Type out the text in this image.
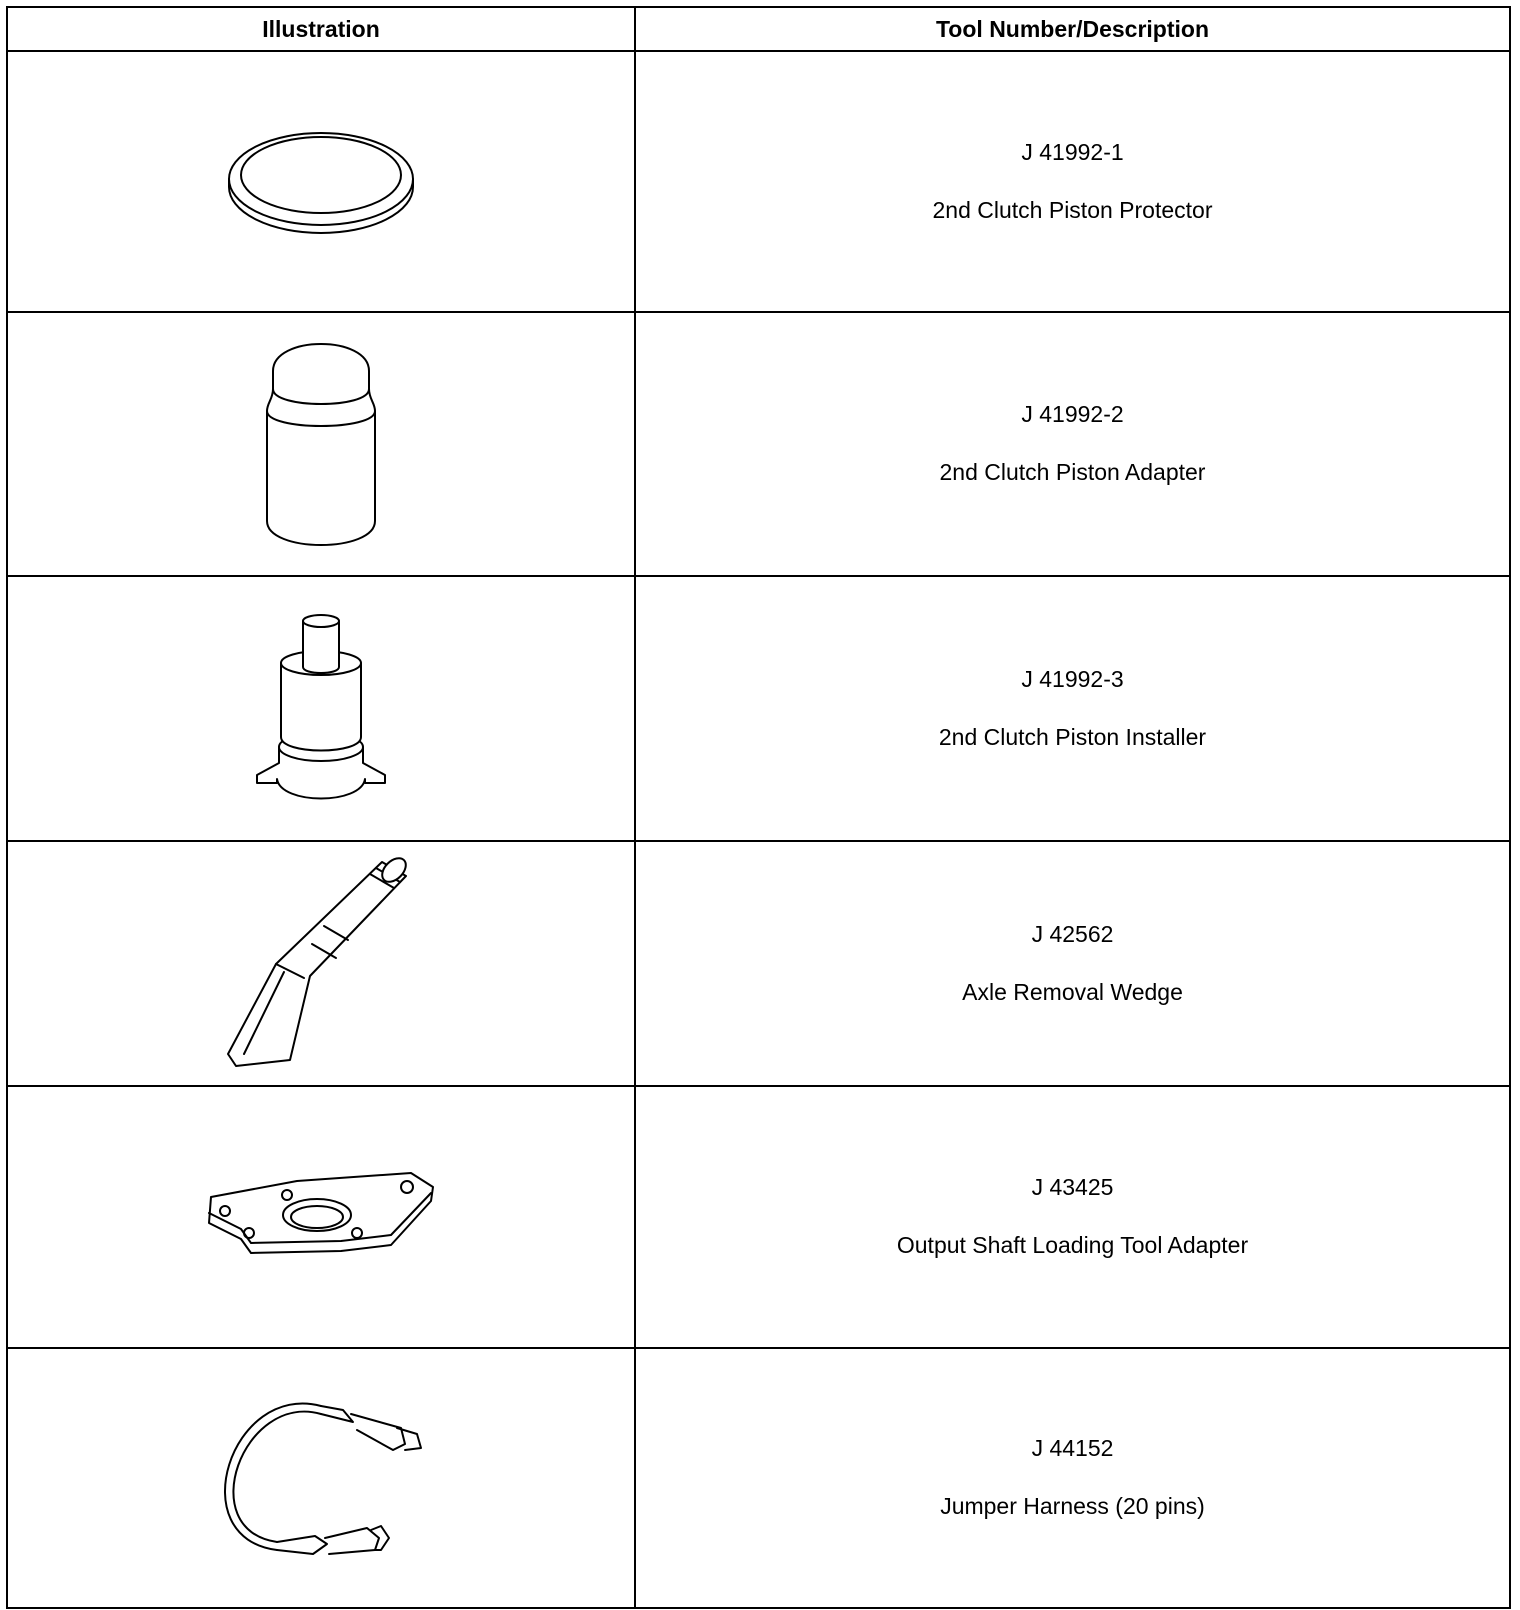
Illustration	Tool Number/Description

J 41992-1
2nd Clutch Piston Protector

J 41992-2
2nd Clutch Piston Adapter

J 41992-3
2nd Clutch Piston Installer

J 42562
Axle Removal Wedge

J 43425
Output Shaft Loading Tool Adapter

J 44152
Jumper Harness (20 pins)
